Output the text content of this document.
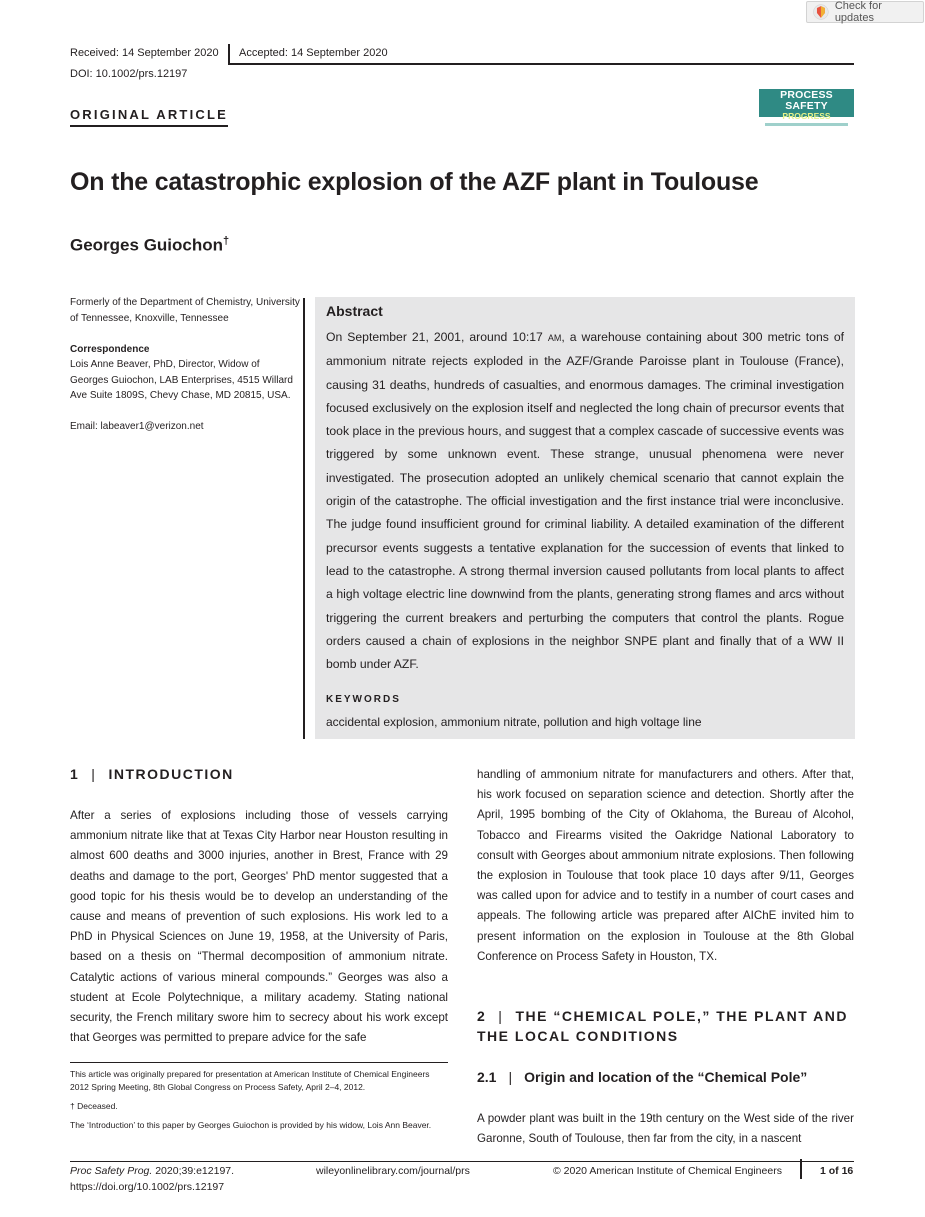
Check for updates
Received: 14 September 2020 Accepted: 14 September 2020
DOI: 10.1002/prs.12197
ORIGINAL ARTICLE
PROCESS SAFETY
PROGRESS
On the catastrophic explosion of the AZF plant in Toulouse
Georges Guiochon†
Formerly of the Department of Chemistry, University of Tennessee, Knoxville, Tennessee
Correspondence
Lois Anne Beaver, PhD, Director, Widow of Georges Guiochon, LAB Enterprises, 4515 Willard Ave Suite 1809S, Chevy Chase, MD 20815, USA.
Email: labeaver1@verizon.net
Abstract
On September 21, 2001, around 10:17 AM, a warehouse containing about 300 metric tons of ammonium nitrate rejects exploded in the AZF/Grande Paroisse plant in Toulouse (France), causing 31 deaths, hundreds of casualties, and enormous damages. The criminal investigation focused exclusively on the explosion itself and neglected the long chain of precursor events that took place in the previous hours, and suggest that a complex cascade of successive events was triggered by some unknown event. These strange, unusual phenomena were never investigated. The prosecution adopted an unlikely chemical scenario that cannot explain the origin of the catastrophe. The official investigation and the first instance trial were inconclusive. The judge found insufficient ground for criminal liability. A detailed examination of the different precursor events suggests a tentative explanation for the succession of events that linked to lead to the catastrophe. A strong thermal inversion caused pollutants from local plants to affect a high voltage electric line downwind from the plants, generating strong flames and arcs without triggering the current breakers and perturbing the computers that control the plants. Rogue orders caused a chain of explosions in the neighbor SNPE plant and finally that of a WW II bomb under AZF.
KEYWORDS
accidental explosion, ammonium nitrate, pollution and high voltage line
1 | INTRODUCTION
After a series of explosions including those of vessels carrying ammonium nitrate like that at Texas City Harbor near Houston resulting in almost 600 deaths and 3000 injuries, another in Brest, France with 29 deaths and damage to the port, Georges' PhD mentor suggested that a good topic for his thesis would be to develop an understanding of the cause and means of prevention of such explosions. His work led to a PhD in Physical Sciences on June 19, 1958, at the University of Paris, based on a thesis on “Thermal decomposition of ammonium nitrate. Catalytic actions of various mineral compounds.” Georges was also a student at Ecole Polytechnique, a military academy. Stating national security, the French military swore him to secrecy about his work except that Georges was permitted to prepare advice for the safe
handling of ammonium nitrate for manufacturers and others. After that, his work focused on separation science and detection. Shortly after the April, 1995 bombing of the City of Oklahoma, the Bureau of Alcohol, Tobacco and Firearms visited the Oakridge National Laboratory to consult with Georges about ammonium nitrate explosions. Then following the explosion in Toulouse that took place 10 days after 9/11, Georges was called upon for advice and to testify in a number of court cases and appeals. The following article was prepared after AIChE invited him to present information on the explosion in Toulouse at the 8th Global Conference on Process Safety in Houston, TX.
2 | THE “CHEMICAL POLE,” THE PLANT AND THE LOCAL CONDITIONS
2.1 | Origin and location of the “Chemical Pole”
A powder plant was built in the 19th century on the West side of the river Garonne, South of Toulouse, then far from the city, in a nascent
This article was originally prepared for presentation at American Institute of Chemical Engineers 2012 Spring Meeting, 8th Global Congress on Process Safety, April 2–4, 2012.
† Deceased.
The ‘Introduction’ to this paper by Georges Guiochon is provided by his widow, Lois Ann Beaver.
Proc Safety Prog. 2020;39:e12197.
https://doi.org/10.1002/prs.12197
wileyonlinelibrary.com/journal/prs	© 2020 American Institute of Chemical Engineers	1 of 16
